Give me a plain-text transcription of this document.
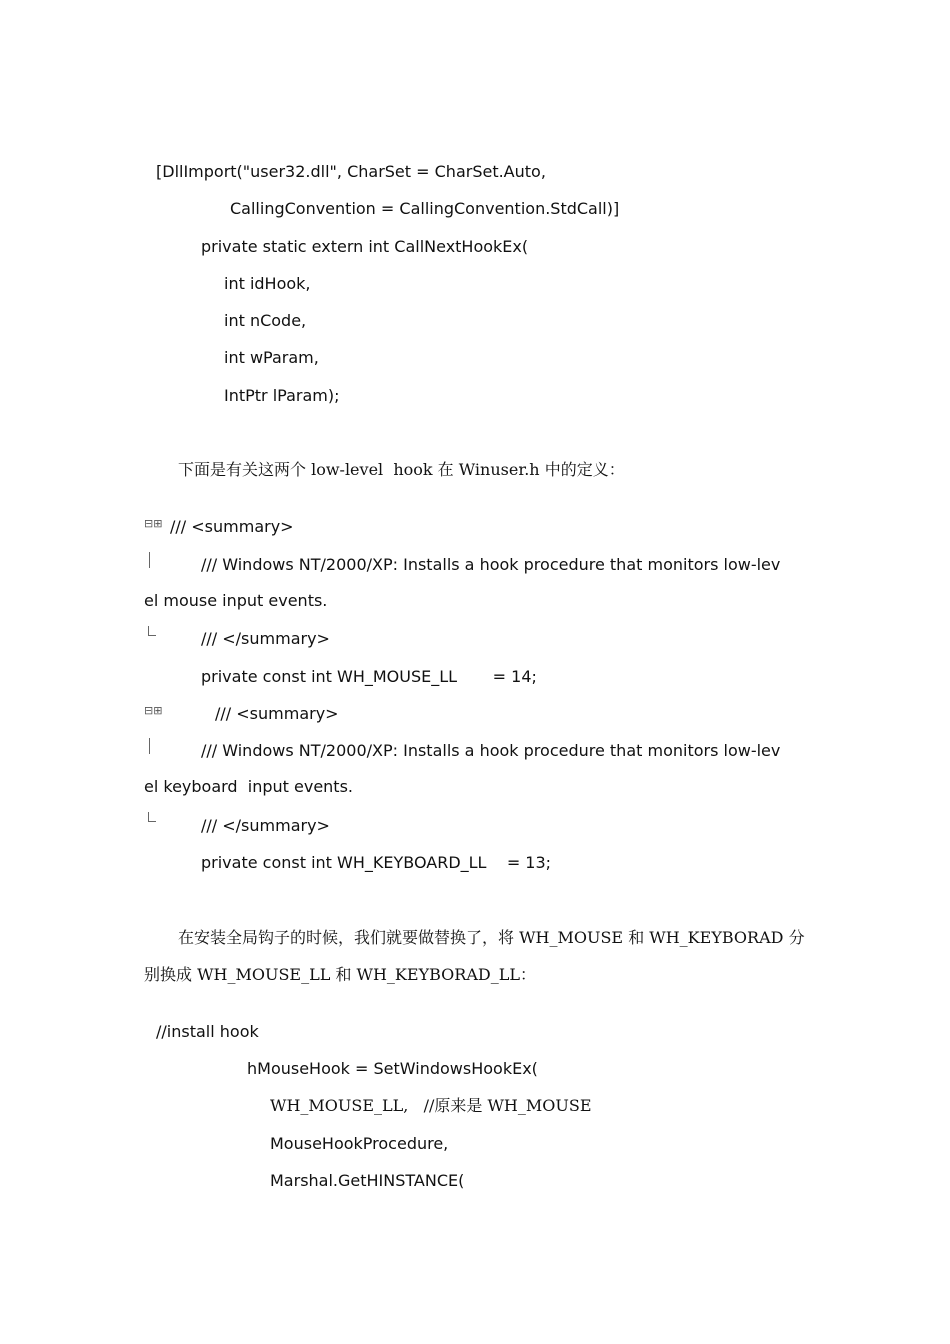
[DllImport("user32.dll", CharSet = CharSet.Auto,
CallingConvention = CallingConvention.StdCall)]
private static extern int CallNextHookEx(
int idHook,
int nCode,
int wParam,
IntPtr lParam);
下面是有关这两个 low-level  hook 在 Winuser.h 中的定义：
⊟⊞ /// <summary>
/// Windows NT/2000/XP: Installs a hook procedure that monitors low-lev
el mouse input events.
/// </summary>
private const int WH_MOUSE_LL       = 14;
⊟⊞	/// <summary>
/// Windows NT/2000/XP: Installs a hook procedure that monitors low-lev
el keyboard  input events.
/// </summary>
private const int WH_KEYBOARD_LL    = 13;
在安装全局钩子的时候，我们就要做替换了，将 WH_MOUSE 和 WH_KEYBORAD 分
别换成 WH_MOUSE_LL 和 WH_KEYBORAD_LL：
//install hook
hMouseHook = SetWindowsHookEx(
WH_MOUSE_LL,   //原来是 WH_MOUSE
MouseHookProcedure,
Marshal.GetHINSTANCE(
